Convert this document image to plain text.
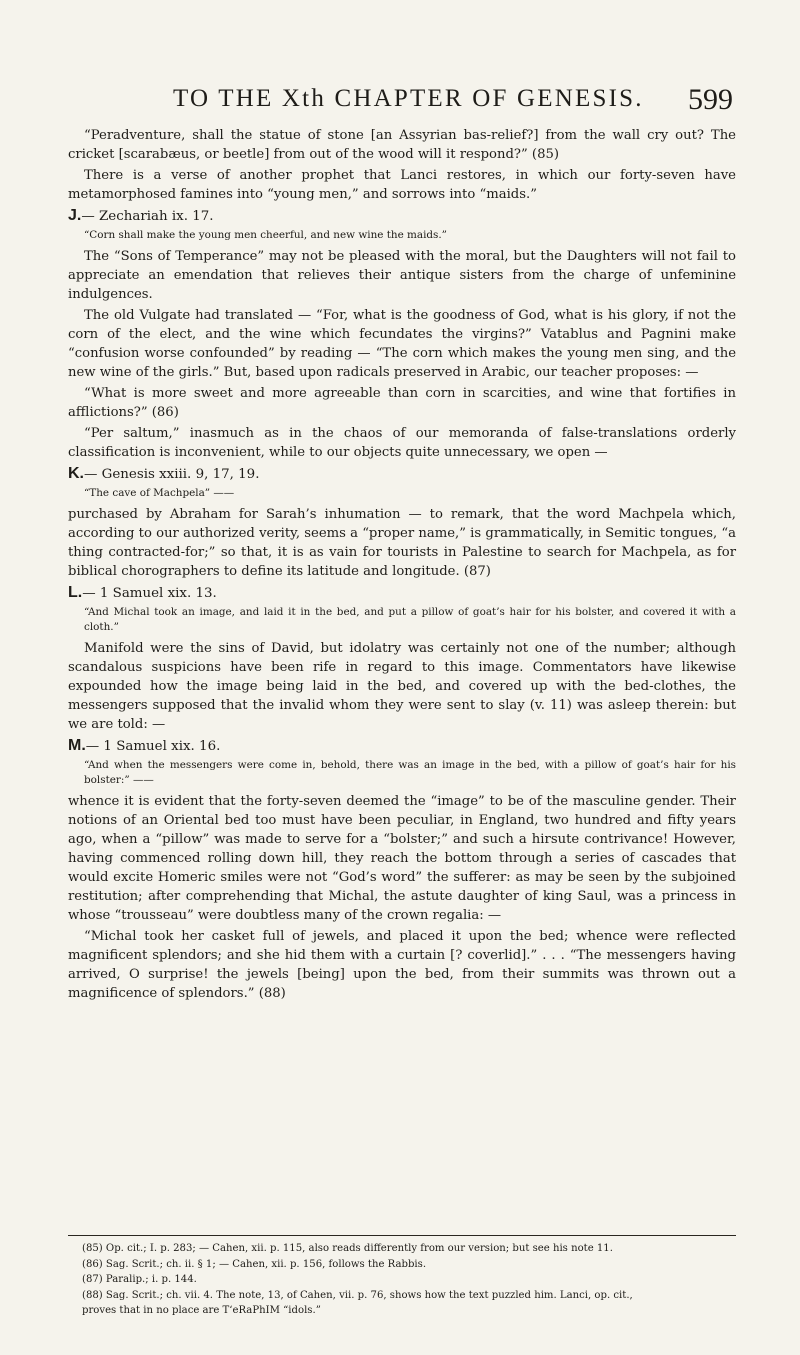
TO THE Xth CHAPTER OF GENESIS. 599

“Peradventure, shall the statue of stone [an Assyrian bas-relief?] from the wall cry out? The cricket [scarabæus, or beetle] from out of the wood will it respond?” (85)

There is a verse of another prophet that Lanci restores, in which our forty-seven have metamorphosed famines into “young men,” and sorrows into “maids.”

J.— Zechariah ix. 17.
“Corn shall make the young men cheerful, and new wine the maids.”

The “Sons of Temperance” may not be pleased with the moral, but the Daughters will not fail to appreciate an emendation that relieves their antique sisters from the charge of unfeminine indulgences.

The old Vulgate had translated — “For, what is the goodness of God, what is his glory, if not the corn of the elect, and the wine which fecundates the virgins?” Vatablus and Pagnini make “confusion worse confounded” by reading — “The corn which makes the young men sing, and the new wine of the girls.” But, based upon radicals preserved in Arabic, our teacher proposes: —

“What is more sweet and more agreeable than corn in scarcities, and wine that fortifies in afflictions?” (86)

“Per saltum,” inasmuch as in the chaos of our memoranda of false-translations orderly classification is inconvenient, while to our objects quite unnecessary, we open —

K.— Genesis xxiii. 9, 17, 19.
“The cave of Machpela” ——

purchased by Abraham for Sarah’s inhumation — to remark, that the word Machpela which, according to our authorized verity, seems a “proper name,” is grammatically, in Semitic tongues, “a thing contracted-for;” so that, it is as vain for tourists in Palestine to search for Machpela, as for biblical chorographers to define its latitude and longitude. (87)

L.— 1 Samuel xix. 13.
“And Michal took an image, and laid it in the bed, and put a pillow of goat’s hair for his bolster, and covered it with a cloth.”

Manifold were the sins of David, but idolatry was certainly not one of the number; although scandalous suspicions have been rife in regard to this image. Commentators have likewise expounded how the image being laid in the bed, and covered up with the bed-clothes, the messengers supposed that the invalid whom they were sent to slay (v. 11) was asleep therein: but we are told: —

M.— 1 Samuel xix. 16.
“And when the messengers were come in, behold, there was an image in the bed, with a pillow of goat’s hair for his bolster:” ——

whence it is evident that the forty-seven deemed the “image” to be of the masculine gender. Their notions of an Oriental bed too must have been peculiar, in England, two hundred and fifty years ago, when a “pillow” was made to serve for a “bolster;” and such a hirsute contrivance! However, having commenced rolling down hill, they reach the bottom through a series of cascades that would excite Homeric smiles were not “God’s word” the sufferer: as may be seen by the subjoined restitution; after comprehending that Michal, the astute daughter of king Saul, was a princess in whose “trousseau” were doubtless many of the crown regalia: —

“Michal took her casket full of jewels, and placed it upon the bed; whence were reflected magnificent splendors; and she hid them with a curtain [? coverlid].” . . . “The messengers having arrived, O surprise! the jewels [being] upon the bed, from their summits was thrown out a magnificence of splendors.” (88)

(85) Op. cit.; I. p. 283; — Cahen, xii. p. 115, also reads differently from our version; but see his note 11.
(86) Sag. Scrit.; ch. ii. § 1; — Cahen, xii. p. 156, follows the Rabbis.
(87) Paralip.; i. p. 144.
(88) Sag. Scrit.; ch. vii. 4. The note, 13, of Cahen, vii. p. 76, shows how the text puzzled him. Lanci, op. cit.,
proves that in no place are TʻeRaPhIM “idols.”
